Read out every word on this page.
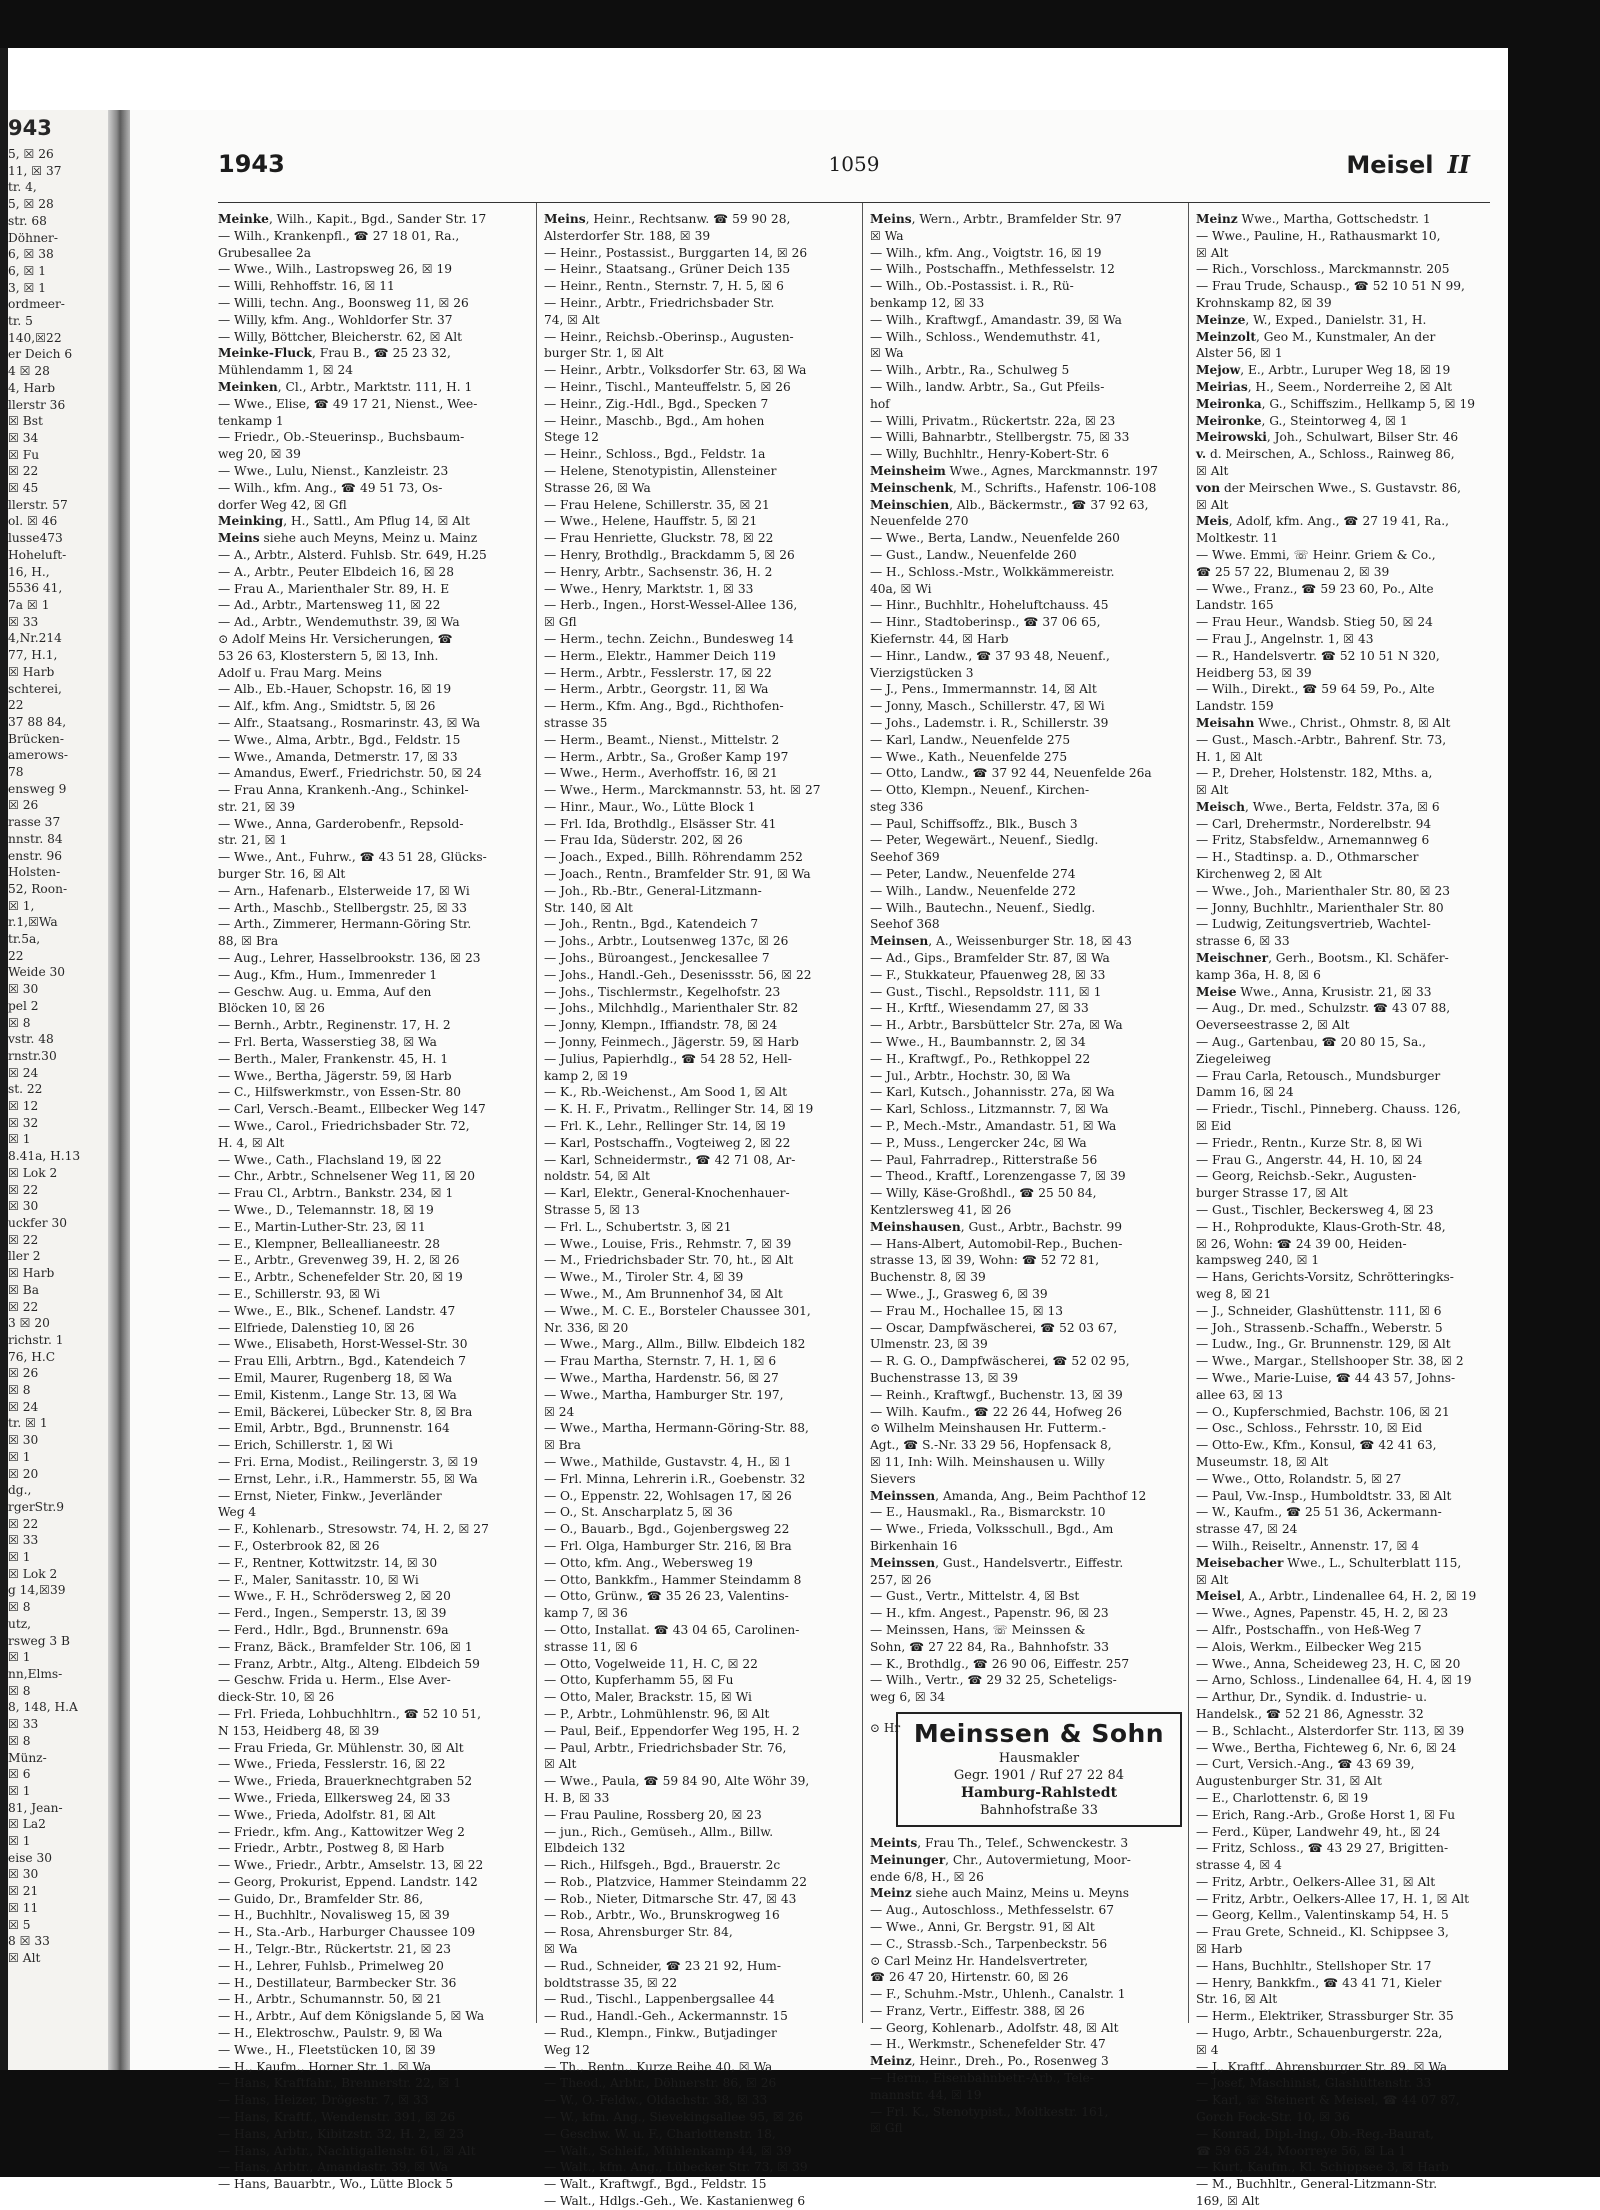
943
5, ☒ 26
11, ☒ 37
tr. 4,
5, ☒ 28
str. 68
Döhner-
6, ☒ 38
6, ☒ 1
3, ☒ 1
ordmeer-
tr. 5
140,☒22
er Deich 6
4 ☒ 28
4, Harb
llerstr 36
☒ Bst
☒ 34
☒ Fu
☒ 22
☒ 45
llerstr. 57
ol. ☒ 46
lusse473
Hoheluft-
16, H.,
5536 41,
7a ☒ 1
☒ 33
4,Nr.214
77, H.1,
☒ Harb
schterei,
22
37 88 84,
Brücken-
amerows-
78
ensweg 9
☒ 26
rasse 37
nnstr. 84
enstr. 96
Holsten-
52, Roon-
☒ 1,
r.1,☒Wa
tr.5a,
22
Weide 30
☒ 30
pel 2
☒ 8
vstr. 48
rnstr.30
☒ 24
st. 22
☒ 12
☒ 32
☒ 1
8.41a, H.13
☒ Lok 2
☒ 22
☒ 30
uckfer 30
☒ 22
ller 2
☒ Harb
☒ Ba
☒ 22
3 ☒ 20
richstr. 1
76, H.C
☒ 26
☒ 8
☒ 24
tr. ☒ 1
☒ 30
☒ 1
☒ 20
dg.,
rgerStr.9
☒ 22
☒ 33
☒ 1
☒ Lok 2
g 14,☒39
☒ 8
utz,
rsweg 3 B
☒ 1
nn,Elms-
☒ 8
8, 148, H.A
☒ 33
☒ 8
Münz-
☒ 6
☒ 1
81, Jean-
☒ La2
☒ 1
eise 30
☒ 30
☒ 21
☒ 11
☒ 5
8 ☒ 33
☒ Alt
1943	1059	Meisel II
Meinke, Wilh., Kapit., Bgd., Sander Str. 17
— Wilh., Krankenpfl., ☎ 27 18 01, Ra.,
Grubesallee 2a
— Wwe., Wilh., Lastropsweg 26, ☒ 19
— Willi, Rehhoffstr. 16, ☒ 11
— Willi, techn. Ang., Boonsweg 11, ☒ 26
— Willy, kfm. Ang., Wohldorfer Str. 37
— Willy, Böttcher, Bleicherstr. 62, ☒ Alt
Meinke-Fluck, Frau B., ☎ 25 23 32,
Mühlendamm 1, ☒ 24
Meinken, Cl., Arbtr., Marktstr. 111, H. 1
— Wwe., Elise, ☎ 49 17 21, Nienst., Wee-
tenkamp 1
— Friedr., Ob.-Steuerinsp., Buchsbaum-
weg 20, ☒ 39
— Wwe., Lulu, Nienst., Kanzleistr. 23
— Wilh., kfm. Ang., ☎ 49 51 73, Os-
dorfer Weg 42, ☒ Gfl
Meinking, H., Sattl., Am Pflug 14, ☒ Alt
Meins siehe auch Meyns, Meinz u. Mainz
— A., Arbtr., Alsterd. Fuhlsb. Str. 649, H.25
— A., Arbtr., Peuter Elbdeich 16, ☒ 28
— Frau A., Marienthaler Str. 89, H. E
— Ad., Arbtr., Martensweg 11, ☒ 22
— Ad., Arbtr., Wendemuthstr. 39, ☒ Wa
⊙ Adolf Meins Hr. Versicherungen, ☎
53 26 63, Klosterstern 5, ☒ 13, Inh.
Adolf u. Frau Marg. Meins
— Alb., Eb.-Hauer, Schopstr. 16, ☒ 19
— Alf., kfm. Ang., Smidtstr. 5, ☒ 26
— Alfr., Staatsang., Rosmarinstr. 43, ☒ Wa
— Wwe., Alma, Arbtr., Bgd., Feldstr. 15
— Wwe., Amanda, Detmerstr. 17, ☒ 33
— Amandus, Ewerf., Friedrichstr. 50, ☒ 24
— Frau Anna, Krankenh.-Ang., Schinkel-
str. 21, ☒ 39
— Wwe., Anna, Garderobenfr., Repsold-
str. 21, ☒ 1
— Wwe., Ant., Fuhrw., ☎ 43 51 28, Glücks-
burger Str. 16, ☒ Alt
— Arn., Hafenarb., Elsterweide 17, ☒ Wi
— Arth., Maschb., Stellbergstr. 25, ☒ 33
— Arth., Zimmerer, Hermann-Göring Str.
88, ☒ Bra
— Aug., Lehrer, Hasselbrookstr. 136, ☒ 23
— Aug., Kfm., Hum., Immenreder 1
— Geschw. Aug. u. Emma, Auf den
Blöcken 10, ☒ 26
— Bernh., Arbtr., Reginenstr. 17, H. 2
— Frl. Berta, Wasserstieg 38, ☒ Wa
— Berth., Maler, Frankenstr. 45, H. 1
— Wwe., Bertha, Jägerstr. 59, ☒ Harb
— C., Hilfswerkmstr., von Essen-Str. 80
— Carl, Versch.-Beamt., Ellbecker Weg 147
— Wwe., Carol., Friedrichsbader Str. 72,
H. 4, ☒ Alt
— Wwe., Cath., Flachsland 19, ☒ 22
— Chr., Arbtr., Schnelsener Weg 11, ☒ 20
— Frau Cl., Arbtrn., Bankstr. 234, ☒ 1
— Wwe., D., Telemannstr. 18, ☒ 19
— E., Martin-Luther-Str. 23, ☒ 11
— E., Klempner, Belleallianeestr. 28
— E., Arbtr., Grevenweg 39, H. 2, ☒ 26
— E., Arbtr., Schenefelder Str. 20, ☒ 19
— E., Schillerstr. 93, ☒ Wi
— Wwe., E., Blk., Schenef. Landstr. 47
— Elfriede, Dalenstieg 10, ☒ 26
— Wwe., Elisabeth, Horst-Wessel-Str. 30
— Frau Elli, Arbtrn., Bgd., Katendeich 7
— Emil, Maurer, Rugenberg 18, ☒ Wa
— Emil, Kistenm., Lange Str. 13, ☒ Wa
— Emil, Bäckerei, Lübecker Str. 8, ☒ Bra
— Emil, Arbtr., Bgd., Brunnenstr. 164
— Erich, Schillerstr. 1, ☒ Wi
— Fri. Erna, Modist., Reilingerstr. 3, ☒ 19
— Ernst, Lehr., i.R., Hammerstr. 55, ☒ Wa
— Ernst, Nieter, Finkw., Jeverländer
Weg 4
— F., Kohlenarb., Stresowstr. 74, H. 2, ☒ 27
— F., Osterbrook 82, ☒ 26
— F., Rentner, Kottwitzstr. 14, ☒ 30
— F., Maler, Sanitasstr. 10, ☒ Wi
— Wwe., F. H., Schrödersweg 2, ☒ 20
— Ferd., Ingen., Semperstr. 13, ☒ 39
— Ferd., Hdlr., Bgd., Brunnenstr. 69a
— Franz, Bäck., Bramfelder Str. 106, ☒ 1
— Franz, Arbtr., Altg., Alteng. Elbdeich 59
— Geschw. Frida u. Herm., Else Aver-
dieck-Str. 10, ☒ 26
— Frl. Frieda, Lohbuchhltrn., ☎ 52 10 51,
N 153, Heidberg 48, ☒ 39
— Frau Frieda, Gr. Mühlenstr. 30, ☒ Alt
— Wwe., Frieda, Fesslerstr. 16, ☒ 22
— Wwe., Frieda, Brauerknechtgraben 52
— Wwe., Frieda, Ellkersweg 24, ☒ 33
— Wwe., Frieda, Adolfstr. 81, ☒ Alt
— Friedr., kfm. Ang., Kattowitzer Weg 2
— Friedr., Arbtr., Postweg 8, ☒ Harb
— Wwe., Friedr., Arbtr., Amselstr. 13, ☒ 22
— Georg, Prokurist, Eppend. Landstr. 142
— Guido, Dr., Bramfelder Str. 86,
— H., Buchhltr., Novalisweg 15, ☒ 39
— H., Sta.-Arb., Harburger Chaussee 109
— H., Telgr.-Btr., Rückertstr. 21, ☒ 23
— H., Lehrer, Fuhlsb., Primelweg 20
— H., Destillateur, Barmbecker Str. 36
— H., Arbtr., Schumannstr. 50, ☒ 21
— H., Arbtr., Auf dem Königslande 5, ☒ Wa
— H., Elektroschw., Paulstr. 9, ☒ Wa
— Wwe., H., Fleetstücken 10, ☒ 39
— H., Kaufm., Horner Str. 1, ☒ Wa
— Hans, Kraftfahr., Brennerstr. 22, ☒ 1
— Hans, Heizer, Drögestr. 7, ☒ 33
— Hans, Kraftf., Wendenstr. 391, ☒ 26
— Hans, Arbtr., Kibitzstr. 32, H. 2, ☒ 23
— Hans, Arbtr., Nachtigallenstr. 61, ☒ Alt
— Hans, Arbtr., Amandastr. 39, ☒ Wa
— Hans, Bauarbtr., Wo., Lütte Block 5
Meins, Heinr., Rechtsanw. ☎ 59 90 28,
Alsterdorfer Str. 188, ☒ 39
— Heinr., Postassist., Burggarten 14, ☒ 26
— Heinr., Staatsang., Grüner Deich 135
— Heinr., Rentn., Sternstr. 7, H. 5, ☒ 6
— Heinr., Arbtr., Friedrichsbader Str.
74, ☒ Alt
— Heinr., Reichsb.-Oberinsp., Augusten-
burger Str. 1, ☒ Alt
— Heinr., Arbtr., Volksdorfer Str. 63, ☒ Wa
— Heinr., Tischl., Manteuffelstr. 5, ☒ 26
— Heinr., Zig.-Hdl., Bgd., Specken 7
— Heinr., Maschb., Bgd., Am hohen
Stege 12
— Heinr., Schloss., Bgd., Feldstr. 1a
— Helene, Stenotypistin, Allensteiner
Strasse 26, ☒ Wa
— Frau Helene, Schillerstr. 35, ☒ 21
— Wwe., Helene, Hauffstr. 5, ☒ 21
— Frau Henriette, Gluckstr. 78, ☒ 22
— Henry, Brothdlg., Brackdamm 5, ☒ 26
— Henry, Arbtr., Sachsenstr. 36, H. 2
— Wwe., Henry, Marktstr. 1, ☒ 33
— Herb., Ingen., Horst-Wessel-Allee 136,
☒ Gfl
— Herm., techn. Zeichn., Bundesweg 14
— Herm., Elektr., Hammer Deich 119
— Herm., Arbtr., Fesslerstr. 17, ☒ 22
— Herm., Arbtr., Georgstr. 11, ☒ Wa
— Herm., Kfm. Ang., Bgd., Richthofen-
strasse 35
— Herm., Beamt., Nienst., Mittelstr. 2
— Herm., Arbtr., Sa., Großer Kamp 197
— Wwe., Herm., Averhoffstr. 16, ☒ 21
— Wwe., Herm., Marckmannstr. 53, ht. ☒ 27
— Hinr., Maur., Wo., Lütte Block 1
— Frl. Ida, Brothdlg., Elsässer Str. 41
— Frau Ida, Süderstr. 202, ☒ 26
— Joach., Exped., Billh. Röhrendamm 252
— Joach., Rentn., Bramfelder Str. 91, ☒ Wa
— Joh., Rb.-Btr., General-Litzmann-
Str. 140, ☒ Alt
— Joh., Rentn., Bgd., Katendeich 7
— Johs., Arbtr., Loutsenweg 137c, ☒ 26
— Johs., Büroangest., Jenckesallee 7
— Johs., Handl.-Geh., Desenissstr. 56, ☒ 22
— Johs., Tischlermstr., Kegelhofstr. 23
— Johs., Milchhdlg., Marienthaler Str. 82
— Jonny, Klempn., Iffiandstr. 78, ☒ 24
— Jonny, Feinmech., Jägerstr. 59, ☒ Harb
— Julius, Papierhdlg., ☎ 54 28 52, Hell-
kamp 2, ☒ 19
— K., Rb.-Weichenst., Am Sood 1, ☒ Alt
— K. H. F., Privatm., Rellinger Str. 14, ☒ 19
— Frl. K., Lehr., Rellinger Str. 14, ☒ 19
— Karl, Postschaffn., Vogteiweg 2, ☒ 22
— Karl, Schneidermstr., ☎ 42 71 08, Ar-
noldstr. 54, ☒ Alt
— Karl, Elektr., General-Knochenhauer-
Strasse 5, ☒ 13
— Frl. L., Schubertstr. 3, ☒ 21
— Wwe., Louise, Fris., Rehmstr. 7, ☒ 39
— M., Friedrichsbader Str. 70, ht., ☒ Alt
— Wwe., M., Tiroler Str. 4, ☒ 39
— Wwe., M., Am Brunnenhof 34, ☒ Alt
— Wwe., M. C. E., Borsteler Chaussee 301,
Nr. 336, ☒ 20
— Wwe., Marg., Allm., Billw. Elbdeich 182
— Frau Martha, Sternstr. 7, H. 1, ☒ 6
— Wwe., Martha, Hardenstr. 56, ☒ 27
— Wwe., Martha, Hamburger Str. 197,
☒ 24
— Wwe., Martha, Hermann-Göring-Str. 88,
☒ Bra
— Wwe., Mathilde, Gustavstr. 4, H., ☒ 1
— Frl. Minna, Lehrerin i.R., Goebenstr. 32
— O., Eppenstr. 22, Wohlsagen 17, ☒ 26
— O., St. Anscharplatz 5, ☒ 36
— O., Bauarb., Bgd., Gojenbergsweg 22
— Frl. Olga, Hamburger Str. 216, ☒ Bra
— Otto, kfm. Ang., Webersweg 19
— Otto, Bankkfm., Hammer Steindamm 8
— Otto, Grünw., ☎ 35 26 23, Valentins-
kamp 7, ☒ 36
— Otto, Installat. ☎ 43 04 65, Carolinen-
strasse 11, ☒ 6
— Otto, Vogelweide 11, H. C, ☒ 22
— Otto, Kupferhamm 55, ☒ Fu
— Otto, Maler, Brackstr. 15, ☒ Wi
— P., Arbtr., Lohmühlenstr. 96, ☒ Alt
— Paul, Beif., Eppendorfer Weg 195, H. 2
— Paul, Arbtr., Friedrichsbader Str. 76,
☒ Alt
— Wwe., Paula, ☎ 59 84 90, Alte Wöhr 39,
H. B, ☒ 33
— Frau Pauline, Rossberg 20, ☒ 23
— jun., Rich., Gemüseh., Allm., Billw.
Elbdeich 132
— Rich., Hilfsgeh., Bgd., Brauerstr. 2c
— Rob., Platzvice, Hammer Steindamm 22
— Rob., Nieter, Ditmarsche Str. 47, ☒ 43
— Rob., Arbtr., Wo., Brunskrogweg 16
— Rosa, Ahrensburger Str. 84,
☒ Wa
— Rud., Schneider, ☎ 23 21 92, Hum-
boldtstrasse 35, ☒ 22
— Rud., Tischl., Lappenbergsallee 44
— Rud., Handl.-Geh., Ackermannstr. 15
— Rud., Klempn., Finkw., Butjadinger
Weg 12
— Th., Rentn., Kurze Reihe 40, ☒ Wa
— Theod., Arbtr., Döhnerstr. 86, ☒ 26
— W., O.-Feldw., Oldachstr. 38, ☒ 33
— W., kfm. Ang., Sievekingsallee 95, ☒ 26
— Geschw. W. u. F., Charlottenstr. 18,
— Walt., Schleif., Mühlenkamp 44, ☒ 39
— Walt., kfm. Ang., Lübecker Str. 73, ☒ 39
— Walt., Kraftwgf., Bgd., Feldstr. 15
— Walt., Hdlgs.-Geh., We. Kastanienweg 6
Meins, Wern., Arbtr., Bramfelder Str. 97
☒ Wa
— Wilh., kfm. Ang., Voigtstr. 16, ☒ 19
— Wilh., Postschaffn., Methfesselstr. 12
— Wilh., Ob.-Postassist. i. R., Rü-
benkamp 12, ☒ 33
— Wilh., Kraftwgf., Amandastr. 39, ☒ Wa
— Wilh., Schloss., Wendemuthstr. 41,
☒ Wa
— Wilh., Arbtr., Ra., Schulweg 5
— Wilh., landw. Arbtr., Sa., Gut Pfeils-
hof
— Willi, Privatm., Rückertstr. 22a, ☒ 23
— Willi, Bahnarbtr., Stellbergstr. 75, ☒ 33
— Willy, Buchhltr., Henry-Kobert-Str. 6
Meinsheim Wwe., Agnes, Marckmannstr. 197
Meinschenk, M., Schrifts., Hafenstr. 106-108
Meinschien, Alb., Bäckermstr., ☎ 37 92 63,
Neuenfelde 270
— Wwe., Berta, Landw., Neuenfelde 260
— Gust., Landw., Neuenfelde 260
— H., Schloss.-Mstr., Wolkkämmereistr.
40a, ☒ Wi
— Hinr., Buchhltr., Hoheluftchauss. 45
— Hinr., Stadtoberinsp., ☎ 37 06 65,
Kiefernstr. 44, ☒ Harb
— Hinr., Landw., ☎ 37 93 48, Neuenf.,
Vierzigstücken 3
— J., Pens., Immermannstr. 14, ☒ Alt
— Jonny, Masch., Schillerstr. 47, ☒ Wi
— Johs., Lademstr. i. R., Schillerstr. 39
— Karl, Landw., Neuenfelde 275
— Wwe., Kath., Neuenfelde 275
— Otto, Landw., ☎ 37 92 44, Neuenfelde 26a
— Otto, Klempn., Neuenf., Kirchen-
steg 336
— Paul, Schiffsoffz., Blk., Busch 3
— Peter, Wegewärt., Neuenf., Siedlg.
Seehof 369
— Peter, Landw., Neuenfelde 274
— Wilh., Landw., Neuenfelde 272
— Wilh., Bautechn., Neuenf., Siedlg.
Seehof 368
Meinsen, A., Weissenburger Str. 18, ☒ 43
— Ad., Gips., Bramfelder Str. 87, ☒ Wa
— F., Stukkateur, Pfauenweg 28, ☒ 33
— Gust., Tischl., Repsoldstr. 111, ☒ 1
— H., Krftf., Wiesendamm 27, ☒ 33
— H., Arbtr., Barsbüttelcr Str. 27a, ☒ Wa
— Wwe., H., Baumbannstr. 2, ☒ 34
— H., Kraftwgf., Po., Rethkoppel 22
— Jul., Arbtr., Hochstr. 30, ☒ Wa
— Karl, Kutsch., Johannisstr. 27a, ☒ Wa
— Karl, Schloss., Litzmannstr. 7, ☒ Wa
— P., Mech.-Mstr., Amandastr. 51, ☒ Wa
— P., Muss., Lengercker 24c, ☒ Wa
— Paul, Fahrradrep., Ritterstraße 56
— Theod., Kraftf., Lorenzengasse 7, ☒ 39
— Willy, Käse-Großhdl., ☎ 25 50 84,
Kentzlersweg 41, ☒ 26
Meinshausen, Gust., Arbtr., Bachstr. 99
— Hans-Albert, Automobil-Rep., Buchen-
strasse 13, ☒ 39, Wohn: ☎ 52 72 81,
Buchenstr. 8, ☒ 39
— Wwe., J., Grasweg 6, ☒ 39
— Frau M., Hochallee 15, ☒ 13
— Oscar, Dampfwäscherei, ☎ 52 03 67,
Ulmenstr. 23, ☒ 39
— R. G. O., Dampfwäscherei, ☎ 52 02 95,
Buchenstrasse 13, ☒ 39
— Reinh., Kraftwgf., Buchenstr. 13, ☒ 39
— Wilh. Kaufm., ☎ 22 26 44, Hofweg 26
⊙ Wilhelm Meinshausen Hr. Futterm.-
Agt., ☎ S.-Nr. 33 29 56, Hopfensack 8,
☒ 11, Inh: Wilh. Meinshausen u. Willy
Sievers
Meinssen, Amanda, Ang., Beim Pachthof 12
— E., Hausmakl., Ra., Bismarckstr. 10
— Wwe., Frieda, Volksschull., Bgd., Am
Birkenhain 16
Meinssen, Gust., Handelsvertr., Eiffestr.
257, ☒ 26
— Gust., Vertr., Mittelstr. 4, ☒ Bst
— H., kfm. Angest., Papenstr. 96, ☒ 23
— Meinssen, Hans, ☏ Meinssen &
Sohn, ☎ 27 22 84, Ra., Bahnhofstr. 33
— K., Brothdlg., ☎ 26 90 06, Eiffestr. 257
— Wilh., Vertr., ☎ 29 32 25, Scheteligs-
weg 6, ☒ 34
⊙ Hr Meinssen & Sohn
Hausmakler
Gegr. 1901 / Ruf 27 22 84
Hamburg-Rahlstedt
Bahnhofstraße 33
Meints, Frau Th., Telef., Schwenckestr. 3
Meinunger, Chr., Autovermietung, Moor-
ende 6/8, H., ☒ 26
Meinz siehe auch Mainz, Meins u. Meyns
— Aug., Autoschloss., Methfesselstr. 67
— Wwe., Anni, Gr. Bergstr. 91, ☒ Alt
— C., Strassb.-Sch., Tarpenbeckstr. 56
⊙ Carl Meinz Hr. Handelsvertreter,
☎ 26 47 20, Hirtenstr. 60, ☒ 26
— F., Schuhm.-Mstr., Uhlenh., Canalstr. 1
— Franz, Vertr., Eiffestr. 388, ☒ 26
— Georg, Kohlenarb., Adolfstr. 48, ☒ Alt
— H., Werkmstr., Schenefelder Str. 47
Meinz, Heinr., Dreh., Po., Rosenweg 3
— Herm., Eisenbahnbetr.-Arb., Tele-
mannstr. 44, ☒ 19
— Frl. K., Stenotypist., Moltkestr. 161,
☒ Gfl
Meinz Wwe., Martha, Gottschedstr. 1
— Wwe., Pauline, H., Rathausmarkt 10,
☒ Alt
— Rich., Vorschloss., Marckmannstr. 205
— Frau Trude, Schausp., ☎ 52 10 51 N 99,
Krohnskamp 82, ☒ 39
Meinze, W., Exped., Danielstr. 31, H.
Meinzolt, Geo M., Kunstmaler, An der
Alster 56, ☒ 1
Mejow, E., Arbtr., Luruper Weg 18, ☒ 19
Meirias, H., Seem., Norderreihe 2, ☒ Alt
Meironka, G., Schiffszim., Hellkamp 5, ☒ 19
Meironke, G., Steintorweg 4, ☒ 1
Meirowski, Joh., Schulwart, Bilser Str. 46
v. d. Meirschen, A., Schloss., Rainweg 86,
☒ Alt
von der Meirschen Wwe., S. Gustavstr. 86,
☒ Alt
Meis, Adolf, kfm. Ang., ☎ 27 19 41, Ra.,
Moltkestr. 11
— Wwe. Emmi, ☏ Heinr. Griem & Co.,
☎ 25 57 22, Blumenau 2, ☒ 39
— Wwe., Franz., ☎ 59 23 60, Po., Alte
Landstr. 165
— Frau Heur., Wandsb. Stieg 50, ☒ 24
— Frau J., Angelnstr. 1, ☒ 43
— R., Handelsvertr. ☎ 52 10 51 N 320,
Heidberg 53, ☒ 39
— Wilh., Direkt., ☎ 59 64 59, Po., Alte
Landstr. 159
Meisahn Wwe., Christ., Ohmstr. 8, ☒ Alt
— Gust., Masch.-Arbtr., Bahrenf. Str. 73,
H. 1, ☒ Alt
— P., Dreher, Holstenstr. 182, Mths. a,
☒ Alt
Meisch, Wwe., Berta, Feldstr. 37a, ☒ 6
— Carl, Drehermstr., Norderelbstr. 94
— Fritz, Stabsfeldw., Arnemannweg 6
— H., Stadtinsp. a. D., Othmarscher
Kirchenweg 2, ☒ Alt
— Wwe., Joh., Marienthaler Str. 80, ☒ 23
— Jonny, Buchhltr., Marienthaler Str. 80
— Ludwig, Zeitungsvertrieb, Wachtel-
strasse 6, ☒ 33
Meischner, Gerh., Bootsm., Kl. Schäfer-
kamp 36a, H. 8, ☒ 6
Meise Wwe., Anna, Krusistr. 21, ☒ 33
— Aug., Dr. med., Schulzstr. ☎ 43 07 88,
Oeverseestrasse 2, ☒ Alt
— Aug., Gartenbau, ☎ 20 80 15, Sa.,
Ziegeleiweg
— Frau Carla, Retousch., Mundsburger
Damm 16, ☒ 24
— Friedr., Tischl., Pinneberg. Chauss. 126,
☒ Eid
— Friedr., Rentn., Kurze Str. 8, ☒ Wi
— Frau G., Angerstr. 44, H. 10, ☒ 24
— Georg, Reichsb.-Sekr., Augusten-
burger Strasse 17, ☒ Alt
— Gust., Tischler, Beckersweg 4, ☒ 23
— H., Rohprodukte, Klaus-Groth-Str. 48,
☒ 26, Wohn: ☎ 24 39 00, Heiden-
kampsweg 240, ☒ 1
— Hans, Gerichts-Vorsitz, Schrötteringks-
weg 8, ☒ 21
— J., Schneider, Glashüttenstr. 111, ☒ 6
— Joh., Strassenb.-Schaffn., Weberstr. 5
— Ludw., Ing., Gr. Brunnenstr. 129, ☒ Alt
— Wwe., Margar., Stellshooper Str. 38, ☒ 2
— Wwe., Marie-Luise, ☎ 44 43 57, Johns-
allee 63, ☒ 13
— O., Kupferschmied, Bachstr. 106, ☒ 21
— Osc., Schloss., Fehrsstr. 10, ☒ Eid
— Otto-Ew., Kfm., Konsul, ☎ 42 41 63,
Museumstr. 18, ☒ Alt
— Wwe., Otto, Rolandstr. 5, ☒ 27
— Paul, Vw.-Insp., Humboldtstr. 33, ☒ Alt
— W., Kaufm., ☎ 25 51 36, Ackermann-
strasse 47, ☒ 24
— Wilh., Reiseltr., Annenstr. 17, ☒ 4
Meisebacher Wwe., L., Schulterblatt 115,
☒ Alt
Meisel, A., Arbtr., Lindenallee 64, H. 2, ☒ 19
— Wwe., Agnes, Papenstr. 45, H. 2, ☒ 23
— Alfr., Postschaffn., von Heß-Weg 7
— Alois, Werkm., Eilbecker Weg 215
— Wwe., Anna, Scheideweg 23, H. C, ☒ 20
— Arno, Schloss., Lindenallee 64, H. 4, ☒ 19
— Arthur, Dr., Syndik. d. Industrie- u.
Handelsk., ☎ 52 21 86, Agnesstr. 32
— B., Schlacht., Alsterdorfer Str. 113, ☒ 39
— Wwe., Bertha, Fichteweg 6, Nr. 6, ☒ 24
— Curt, Versich.-Ang., ☎ 43 69 39,
Augustenburger Str. 31, ☒ Alt
— E., Charlottenstr. 6, ☒ 19
— Erich, Rang.-Arb., Große Horst 1, ☒ Fu
— Ferd., Küper, Landwehr 49, ht., ☒ 24
— Fritz, Schloss., ☎ 43 29 27, Brigitten-
strasse 4, ☒ 4
— Fritz, Arbtr., Oelkers-Allee 31, ☒ Alt
— Fritz, Arbtr., Oelkers-Allee 17, H. 1, ☒ Alt
— Georg, Kellm., Valentinskamp 54, H. 5
— Frau Grete, Schneid., Kl. Schippsee 3,
☒ Harb
— Hans, Buchhltr., Stellshoper Str. 17
— Henry, Bankkfm., ☎ 43 41 71, Kieler
Str. 16, ☒ Alt
— Herm., Elektriker, Strassburger Str. 35
— Hugo, Arbtr., Schauenburgerstr. 22a,
☒ 4
— J., Kraftf., Ahrensburger Str. 89, ☒ Wa
— Josef, Maschinist, Glashüttenstr. 33
— Karl, ☏ Steinert & Meisel, ☎ 44 07 87,
Gorch Fock-Str. 10, ☒ 36
— Konrad, Dipl.-Ing., Ob.-Reg.-Baurat,
☎ 59 65 24, Moorreye 56, ☒ La 1
— Kurt, Kaufm., Kl. Schippsee 3, ☒ Harb
— M., Buchhltr., General-Litzmann-Str.
169, ☒ Alt
